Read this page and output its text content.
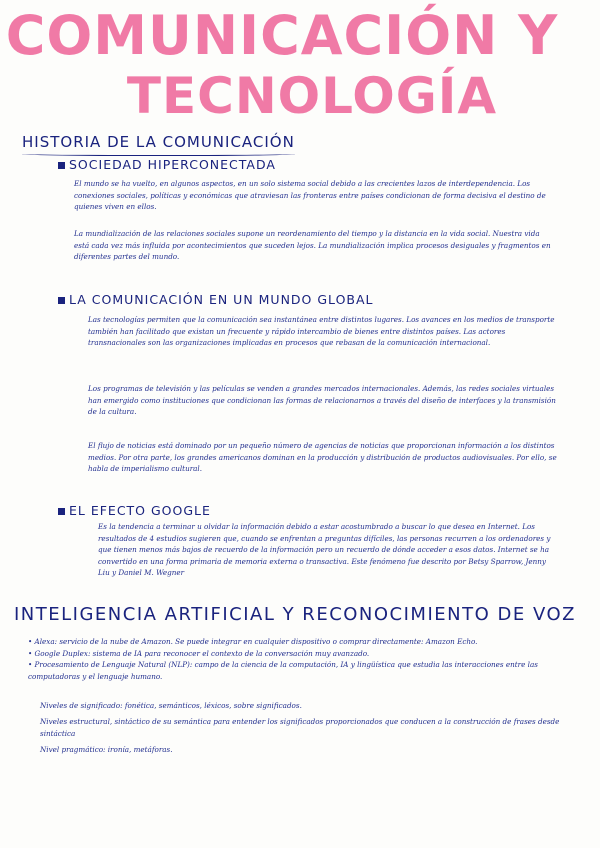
COMUNICACIÓN Y
TECNOLOGÍA
HISTORIA DE LA COMUNICACIÓN
SOCIEDAD HIPERCONECTADA

El mundo se ha vuelto, en algunos aspectos, en un solo sistema social debido a las crecientes lazos de interdependencia. Los conexiones sociales, políticas y económicas que atraviesan las fronteras entre países condicionan de forma decisiva el destino de quienes viven en ellos.

La mundialización de las relaciones sociales supone un reordenamiento del tiempo y la distancia en la vida social. Nuestra vida está cada vez más influida por acontecimientos que suceden lejos. La mundialización implica procesos desiguales y fragmentos en diferentes partes del mundo.

LA COMUNICACIÓN EN UN MUNDO GLOBAL

Las tecnologías permiten que la comunicación sea instantánea entre distintos lugares. Los avances en los medios de transporte también han facilitado que existan un frecuente y rápido intercambio de bienes entre distintos países. Las actores transnacionales son las organizaciones implicadas en procesos que rebasan de la comunicación internacional.

Los programas de televisión y las películas se venden a grandes mercados internacionales. Además, las redes sociales virtuales han emergido como instituciones que condicionan las formas de relacionarnos a través del diseño de interfaces y la transmisión de la cultura.

El flujo de noticias está dominado por un pequeño número de agencias de noticias que proporcionan información a los distintos medios. Por otra parte, los grandes americanos dominan en la producción y distribución de productos audiovisuales. Por ello, se habla de imperialismo cultural.

EL EFECTO GOOGLE

Es la tendencia a terminar u olvidar la información debido a estar acostumbrado a buscar lo que desea en Internet. Los resultados de 4 estudios sugieren que, cuando se enfrentan a preguntas difíciles, las personas recurren a los ordenadores y que tienen menos más bajos de recuerdo de la información pero un recuerdo de dónde acceder a esos datos. Internet se ha convertido en una forma primaria de memoria externa o transactiva. Este fenómeno fue descrito por Betsy Sparrow, Jenny Liu y Daniel M. Wegner

INTELIGENCIA ARTIFICIAL Y RECONOCIMIENTO DE VOZ
• Alexa: servicio de la nube de Amazon. Se puede integrar en cualquier dispositivo o comprar directamente: Amazon Echo.
• Google Duplex: sistema de IA para reconocer el contexto de la conversación muy avanzado.
• Procesamiento de Lenguaje Natural (NLP): campo de la ciencia de la computación, IA y lingüística que estudia las interacciones entre las computadoras y el lenguaje humano.

Niveles de significado: fonética, semánticos, léxicos, sobre significados.

Niveles estructural, sintáctico de su semántica para entender los significados proporcionados que conducen a la construcción de frases desde sintáctica

Nivel pragmático: ironía, metáforas.
